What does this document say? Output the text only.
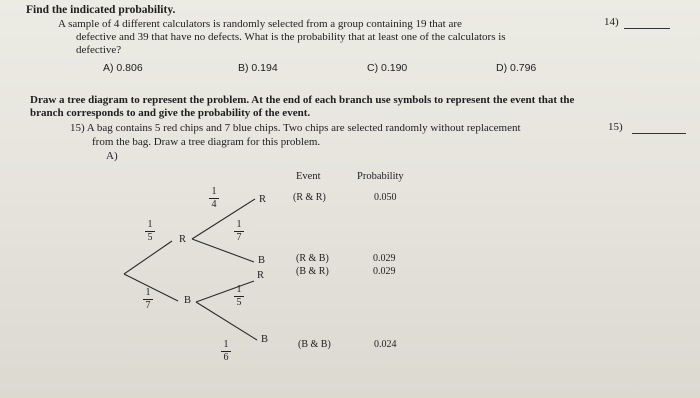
Find the indicated probability.
A sample of 4 different calculators is randomly selected from a group containing 19 that are
defective and 39 that have no defects. What is the probability that at least one of the calculators is
defective?
14)
A) 0.806	B) 0.194	C) 0.190	D) 0.796
Draw a tree diagram to represent the problem. At the end of each branch use symbols to represent the event that the
branch corresponds to and give the probability of the event.
15) A bag contains 5 red chips and 7 blue chips. Two chips are selected randomly without replacement
from the bag. Draw a tree diagram for this problem.
15)
A)
R
B
R
B
R
B
1
5
1
7
1
4
1
7
1
5
1
6
Event	Probability
(R & R)	0.050
(R & B)	0.029
(B & R)	0.029
(B & B)	0.024
